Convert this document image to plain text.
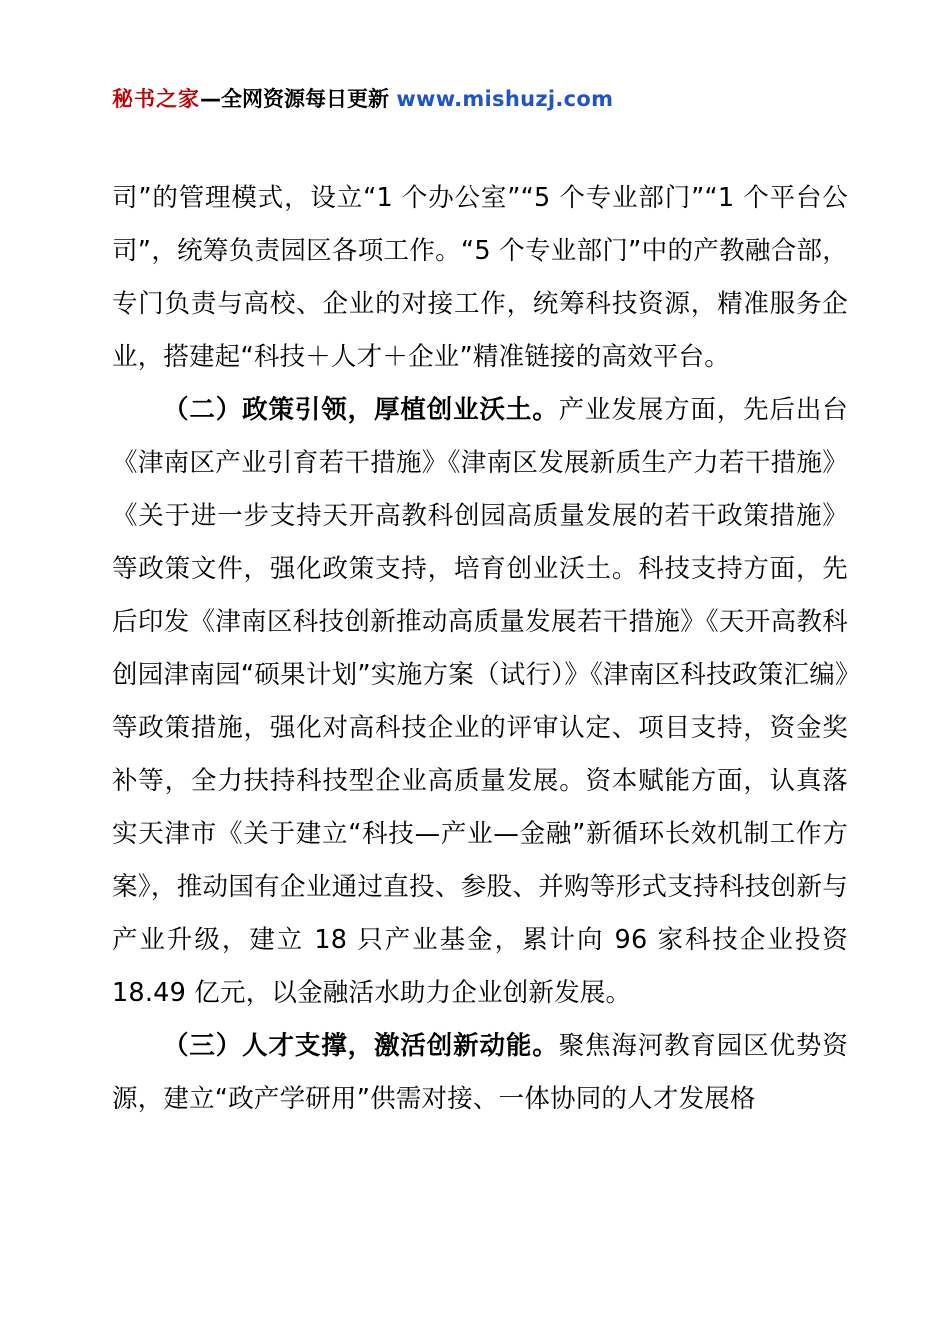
秘书之家—全网资源每日更新 www.mishuzj.com

司”的管理模式，设立“1 个办公室”“5 个专业部门”“1 个平台公司”，统筹负责园区各项工作。“5 个专业部门”中的产教融合部，专门负责与高校、企业的对接工作，统筹科技资源，精准服务企业，搭建起“科技＋人才＋企业”精准链接的高效平台。

（二）政策引领，厚植创业沃土。产业发展方面，先后出台《津南区产业引育若干措施》《津南区发展新质生产力若干措施》《关于进一步支持天开高教科创园高质量发展的若干政策措施》等政策文件，强化政策支持，培育创业沃土。科技支持方面，先后印发《津南区科技创新推动高质量发展若干措施》《天开高教科创园津南园“硕果计划”实施方案（试行）》《津南区科技政策汇编》等政策措施，强化对高科技企业的评审认定、项目支持，资金奖补等，全力扶持科技型企业高质量发展。资本赋能方面，认真落实天津市《关于建立“科技—产业—金融”新循环长效机制工作方案》，推动国有企业通过直投、参股、并购等形式支持科技创新与产业升级，建立 18 只产业基金，累计向 96 家科技企业投资 18.49 亿元，以金融活水助力企业创新发展。

（三）人才支撑，激活创新动能。聚焦海河教育园区优势资源，建立“政产学研用”供需对接、一体协同的人才发展格
